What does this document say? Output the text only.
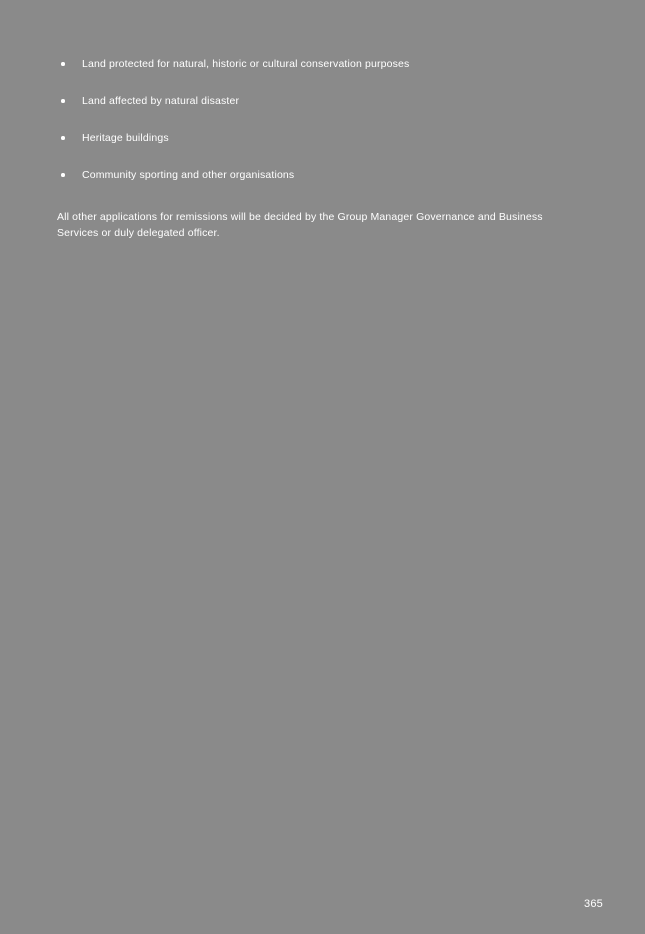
Land protected for natural, historic or cultural conservation purposes
Land affected by natural disaster
Heritage buildings
Community sporting and other organisations
All other applications for remissions will be decided by the Group Manager Governance and Business Services or duly delegated officer.
365
